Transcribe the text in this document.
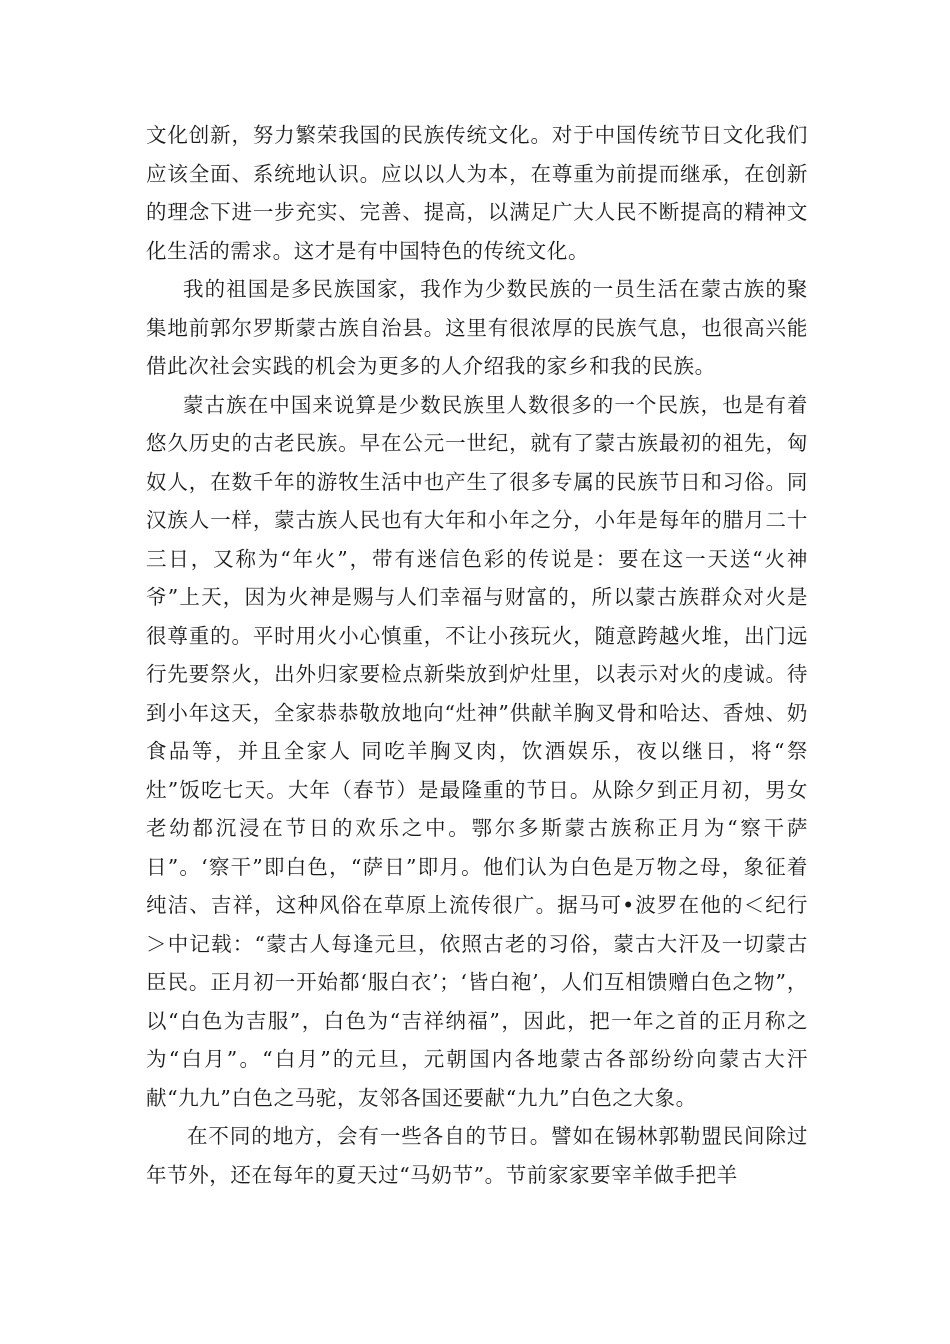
文化创新，努力繁荣我国的民族传统文化。对于中国传统节日文化我们应该全面、系统地认识。应以以人为本，在尊重为前提而继承，在创新的理念下进一步充实、完善、提高，以满足广大人民不断提高的精神文化生活的需求。这才是有中国特色的传统文化。

我的祖国是多民族国家，我作为少数民族的一员生活在蒙古族的聚集地前郭尔罗斯蒙古族自治县。这里有很浓厚的民族气息，也很高兴能借此次社会实践的机会为更多的人介绍我的家乡和我的民族。

蒙古族在中国来说算是少数民族里人数很多的一个民族，也是有着悠久历史的古老民族。早在公元一世纪，就有了蒙古族最初的祖先，匈奴人，在数千年的游牧生活中也产生了很多专属的民族节日和习俗。同汉族人一样，蒙古族人民也有大年和小年之分，小年是每年的腊月二十三日，又称为“年火”，带有迷信色彩的传说是：要在这一天送“火神爷”上天，因为火神是赐与人们幸福与财富的，所以蒙古族群众对火是很尊重的。平时用火小心慎重，不让小孩玩火，随意跨越火堆，出门远行先要祭火，出外归家要检点新柴放到炉灶里，以表示对火的虔诚。待到小年这天，全家恭恭敬放地向“灶神”供献羊胸叉骨和哈达、香烛、奶食品等，并且全家人 同吃羊胸叉肉，饮酒娱乐，夜以继日，将“祭灶”饭吃七天。大年（春节）是最隆重的节日。从除夕到正月初，男女老幼都沉浸在节日的欢乐之中。鄂尔多斯蒙古族称正月为“察干萨日”。‘察干”即白色，“萨日”即月。他们认为白色是万物之母，象征着纯洁、吉祥，这种风俗在草原上流传很广。据马可•波罗在他的＜纪行＞中记载：“蒙古人每逢元旦，依照古老的习俗，蒙古大汗及一切蒙古臣民。正月初一开始都‘服白衣’；‘皆白袍’，人们互相馈赠白色之物”，以“白色为吉服”，白色为“吉祥纳福”，因此，把一年之首的正月称之为“白月”。“白月”的元旦，元朝国内各地蒙古各部纷纷向蒙古大汗献“九九”白色之马驼，友邻各国还要献“九九”白色之大象。

在不同的地方，会有一些各自的节日。譬如在锡林郭勒盟民间除过年节外，还在每年的夏天过“马奶节”。节前家家要宰羊做手把羊
